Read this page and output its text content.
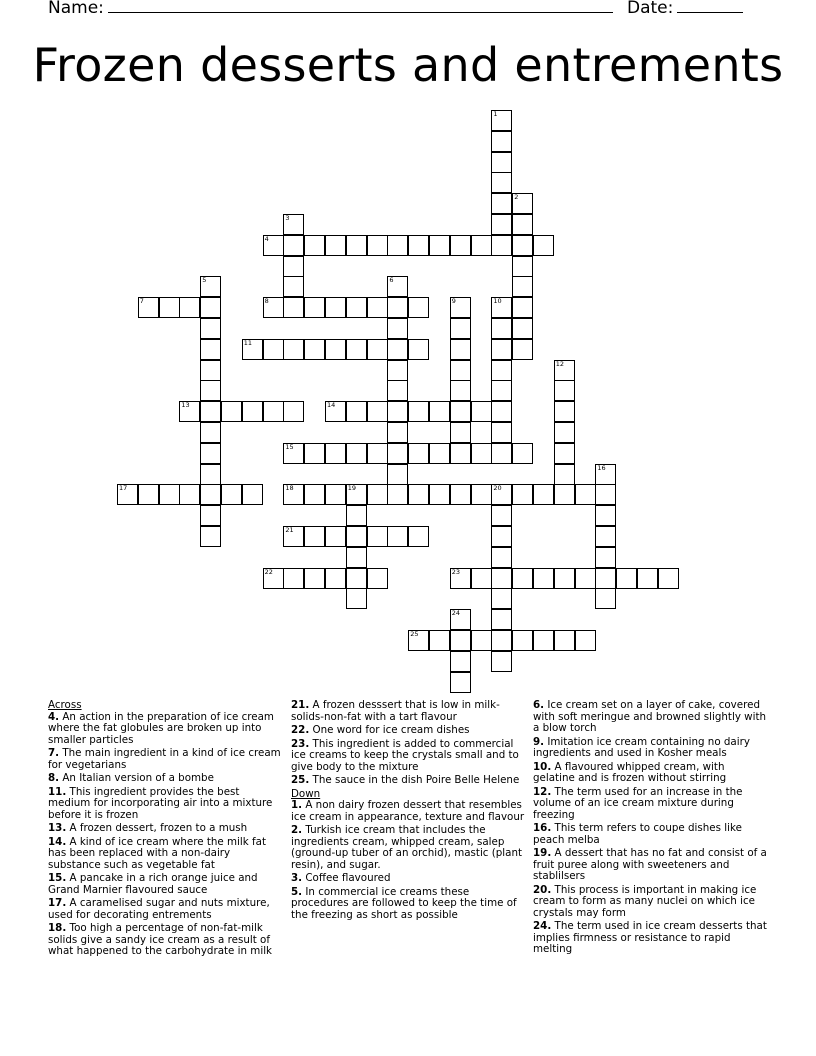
Name:	Date:
Frozen desserts and entrements
1
2
3
4
5	6
7	8	9	10
11
12
13	14
15
16
17	18	19	20
21
22	23
24
25
Across
4. An action in the preparation of ice cream where the fat globules are broken up into smaller particles
7. The main ingredient in a kind of ice cream for vegetarians
8. An Italian version of a bombe
11. This ingredient provides the best medium for incorporating air into a mixture before it is frozen
13. A frozen dessert, frozen to a mush
14. A kind of ice cream where the milk fat has been replaced with a non-dairy substance such as vegetable fat
15. A pancake in a rich orange juice and Grand Marnier flavoured sauce
17. A caramelised sugar and nuts mixture, used for decorating entrements
18. Too high a percentage of non-fat-milk solids give a sandy ice cream as a result of what happened to the carbohydrate in milk
21. A frozen desssert that is low in milk-solids-non-fat with a tart flavour
22. One word for ice cream dishes
23. This ingredient is added to commercial ice creams to keep the crystals small and to give body to the mixture
25. The sauce in the dish Poire Belle Helene
Down
1. A non dairy frozen dessert that resembles ice cream in appearance, texture and flavour
2. Turkish ice cream that includes the ingredients cream, whipped cream, salep (ground-up tuber of an orchid), mastic (plant resin), and sugar.
3. Coffee flavoured
5. In commercial ice creams these procedures are followed to keep the time of the freezing as short as possible
6. Ice cream set on a layer of cake, covered with soft meringue and browned slightly with a blow torch
9. Imitation ice cream containing no dairy ingredients and used in Kosher meals
10. A flavoured whipped cream, with gelatine and is frozen without stirring
12. The term used for an increase in the volume of an ice cream mixture during freezing
16. This term refers to coupe dishes like peach melba
19. A dessert that has no fat and consist of a fruit puree along with sweeteners and stablilsers
20. This process is important in making ice cream to form as many nuclei on which ice crystals may form
24. The term used in ice cream desserts that implies firmness or resistance to rapid melting
